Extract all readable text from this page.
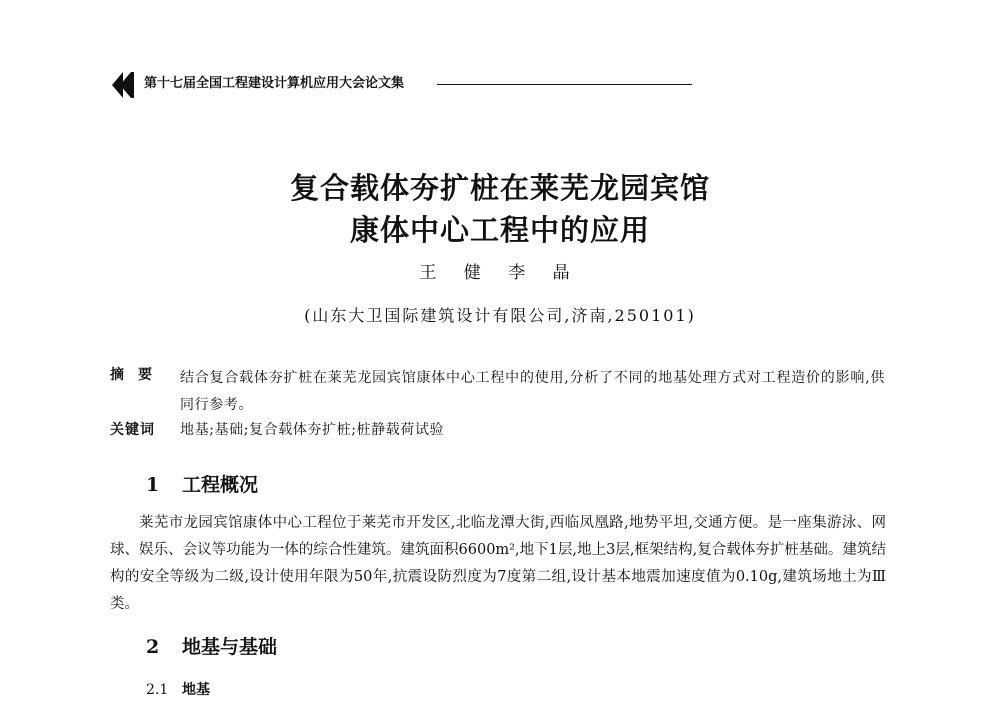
第十七届全国工程建设计算机应用大会论文集
复合载体夯扩桩在莱芜龙园宾馆
康体中心工程中的应用
王 健 李 晶
(山东大卫国际建筑设计有限公司,济南,250101)
摘要 结合复合载体夯扩桩在莱芜龙园宾馆康体中心工程中的使用,分析了不同的地基处理方式对工程造价的影响,供同行参考。
关键词 地基;基础;复合载体夯扩桩;桩静载荷试验
1 工程概况
莱芜市龙园宾馆康体中心工程位于莱芜市开发区,北临龙潭大街,西临凤凰路,地势平坦,交通方便。是一座集游泳、网球、娱乐、会议等功能为一体的综合性建筑。建筑面积6600m²,地下1层,地上3层,框架结构,复合载体夯扩桩基础。建筑结构的安全等级为二级,设计使用年限为50年,抗震设防烈度为7度第二组,设计基本地震加速度值为0.10g,建筑场地土为Ⅲ类。
2 地基与基础
2.1 地基
